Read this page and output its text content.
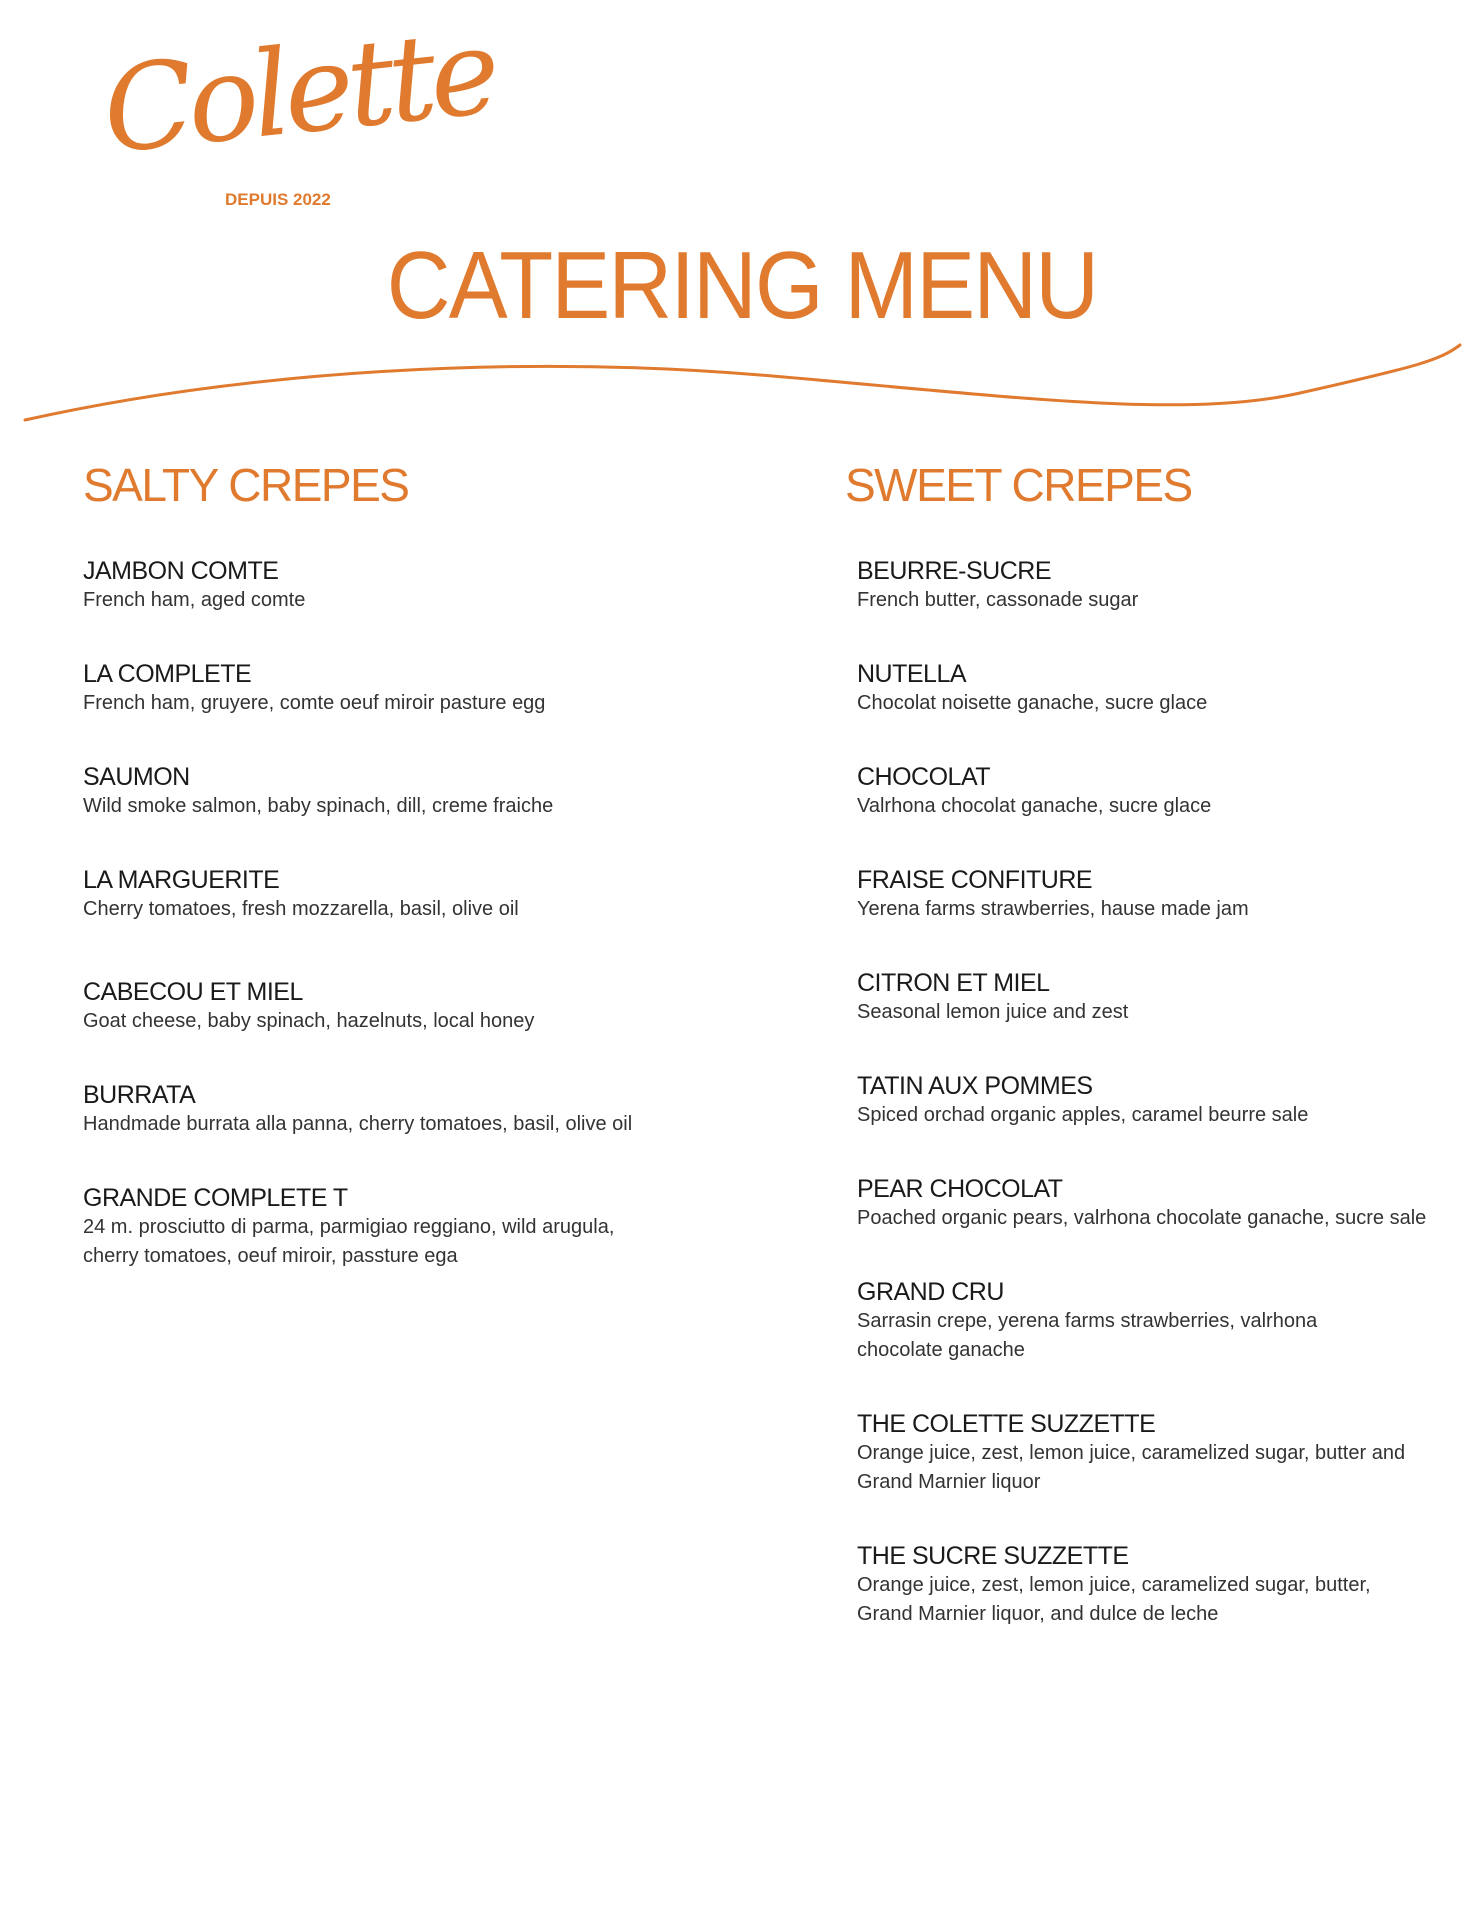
Colette
DEPUIS 2022
CATERING MENU
SALTY CREPES
JAMBON COMTE
French ham, aged comte
LA COMPLETE
French ham, gruyere, comte oeuf miroir pasture egg
SAUMON
Wild smoke salmon, baby spinach, dill, creme fraiche
LA MARGUERITE
Cherry tomatoes, fresh mozzarella, basil, olive oil
CABECOU ET MIEL
Goat cheese, baby spinach, hazelnuts, local honey
BURRATA
Handmade burrata alla panna, cherry tomatoes, basil, olive oil
GRANDE COMPLETE T
24 m. prosciutto di parma, parmigiao reggiano, wild arugula,
cherry tomatoes, oeuf miroir, passture ega
SWEET CREPES
BEURRE-SUCRE
French butter, cassonade sugar
NUTELLA
Chocolat noisette ganache, sucre glace
CHOCOLAT
Valrhona chocolat ganache, sucre glace
FRAISE CONFITURE
Yerena farms strawberries, hause made jam
CITRON ET MIEL
Seasonal lemon juice and zest
TATIN AUX POMMES
Spiced orchad organic apples, caramel beurre sale
PEAR CHOCOLAT
Poached organic pears, valrhona chocolate ganache, sucre sale
GRAND CRU
Sarrasin crepe, yerena farms strawberries, valrhona
chocolate ganache
THE COLETTE SUZZETTE
Orange juice, zest, lemon juice, caramelized sugar, butter and
Grand Marnier liquor
THE SUCRE SUZZETTE
Orange juice, zest, lemon juice, caramelized sugar, butter,
Grand Marnier liquor, and dulce de leche
